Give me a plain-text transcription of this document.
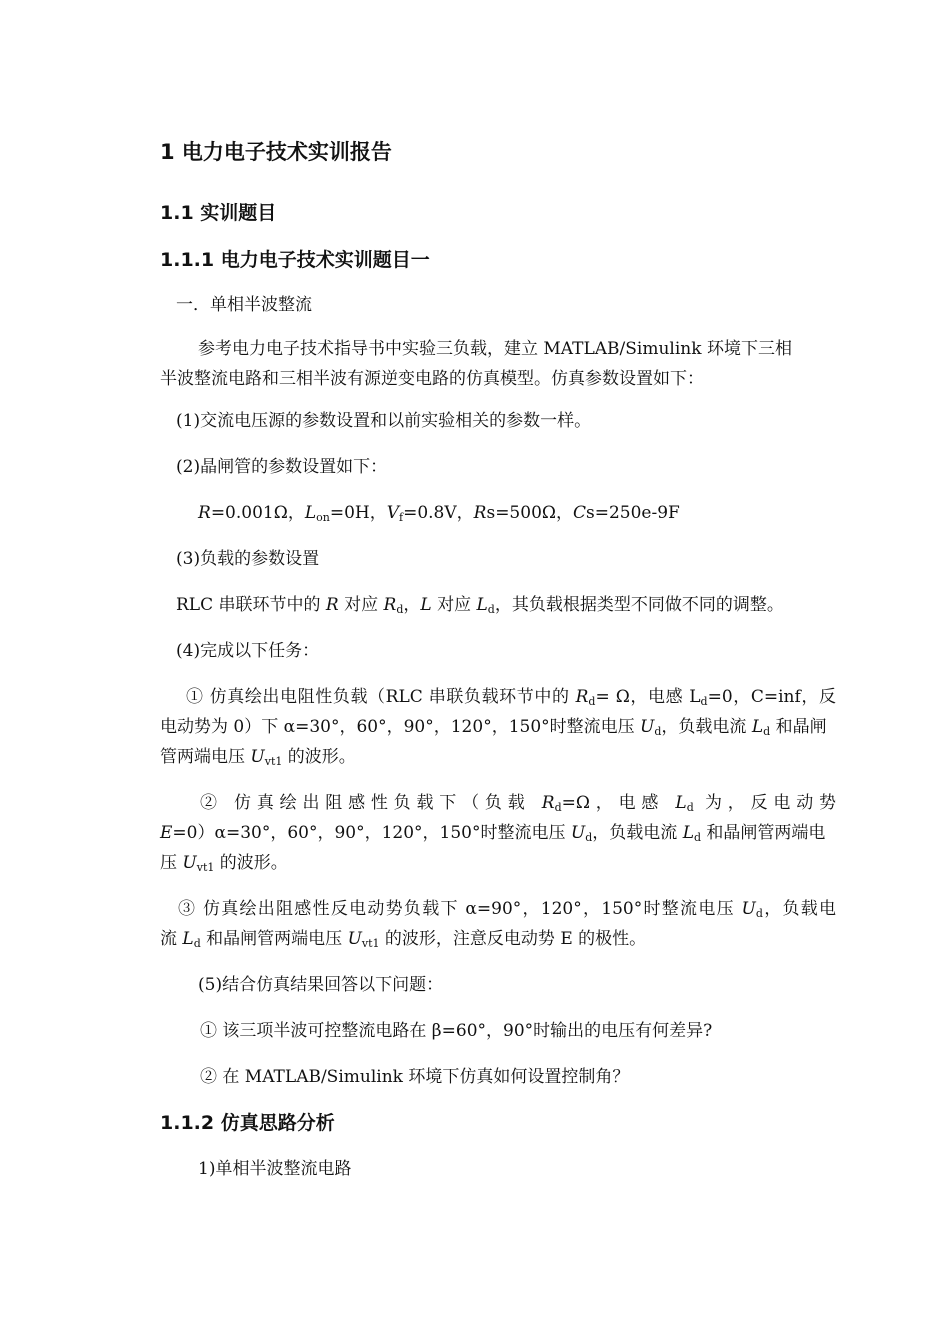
1 电力电子技术实训报告
1.1 实训题目
1.1.1 电力电子技术实训题目一
一．单相半波整流
参考电力电子技术指导书中实验三负载，建立 MATLAB/Simulink 环境下三相
半波整流电路和三相半波有源逆变电路的仿真模型。仿真参数设置如下：
(1)交流电压源的参数设置和以前实验相关的参数一样。
(2)晶闸管的参数设置如下：
R=0.001Ω，$L_{on}=0H$，$V_f=0.8V$，Rs=500Ω，Cs=250e-9F
(3)负载的参数设置
RLC 串联环节中的 R 对应 $R_d$，L 对应 $L_d$，其负载根据类型不同做不同的调整。
(4)完成以下任务：
① 仿真绘出电阻性负载（RLC 串联负载环节中的 $R_d= \Omega$，电感 $L_d=0$，C=inf，反
电动势为 0）下 α=30°，60°，90°，120°，150°时整流电压 $U_d$，负载电流 $L_d$ 和晶闸
管两端电压 $U_{vt1}$ 的波形。
② 仿真绘出阻感性负载下（负载 $R_d=\Omega$，电感 $L_d$ 为，反电动势
E=0）α=30°，60°，90°，120°，150°时整流电压 $U_d$，负载电流 $L_d$ 和晶闸管两端电
压 $U_{vt1}$ 的波形。
③ 仿真绘出阻感性反电动势负载下 α=90°，120°，150°时整流电压 $U_d$，负载电
流 $L_d$ 和晶闸管两端电压 $U_{vt1}$ 的波形，注意反电动势 E 的极性。
(5)结合仿真结果回答以下问题：
① 该三项半波可控整流电路在 β=60°，90°时输出的电压有何差异?
② 在 MATLAB/Simulink 环境下仿真如何设置控制角？
1.1.2 仿真思路分析
1)单相半波整流电路
